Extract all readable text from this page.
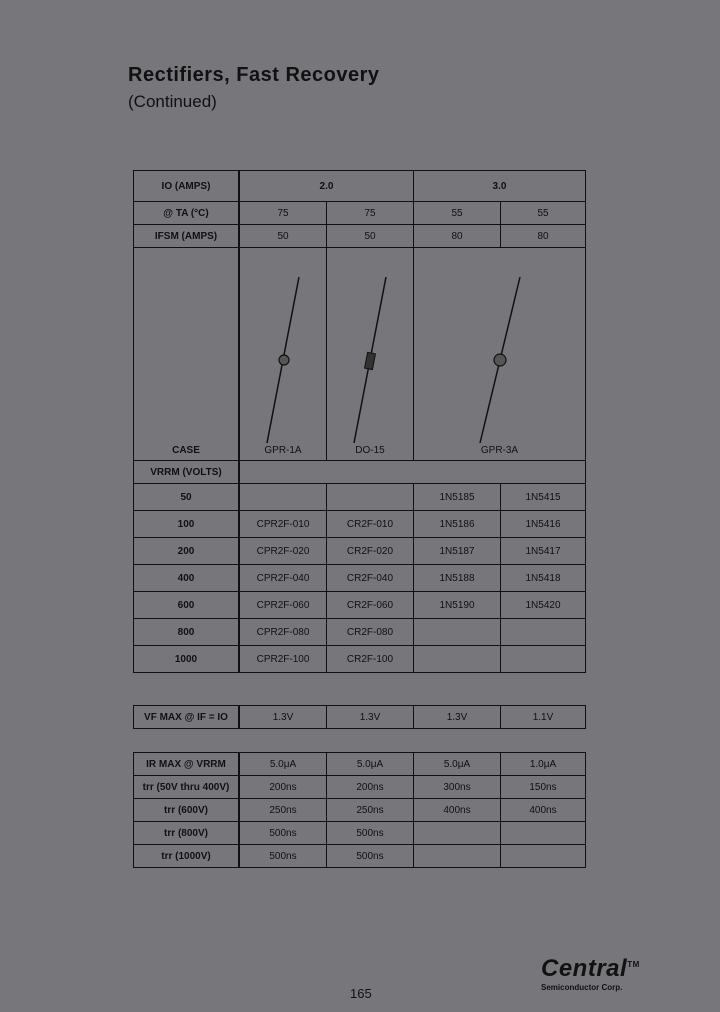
Rectifiers, Fast Recovery
(Continued)
IO (AMPS)	2.0		3.0	
@ TA (°C)	75	75	55	55
IFSM (AMPS)	50	50	80	80
CASE	GPR-1A	DO-15	GPR-3A	

VRRM (VOLTS)				
50			1N5185	1N5415
100	CPR2F-010	CR2F-010	1N5186	1N5416
200	CPR2F-020	CR2F-020	1N5187	1N5417
400	CPR2F-040	CR2F-040	1N5188	1N5418
600	CPR2F-060	CR2F-060	1N5190	1N5420
800	CPR2F-080	CR2F-080		
1000	CPR2F-100	CR2F-100		
VF MAX @ IF = IO	1.3V	1.3V	1.3V	1.1V
IR MAX @ VRRM	5.0μA	5.0μA	5.0μA	1.0μA
trr (50V thru 400V)	200ns	200ns	300ns	150ns
trr (600V)	250ns	250ns	400ns	400ns
trr (800V)	500ns	500ns		
trr (1000V)	500ns	500ns		
165
Central™
Semiconductor Corp.
